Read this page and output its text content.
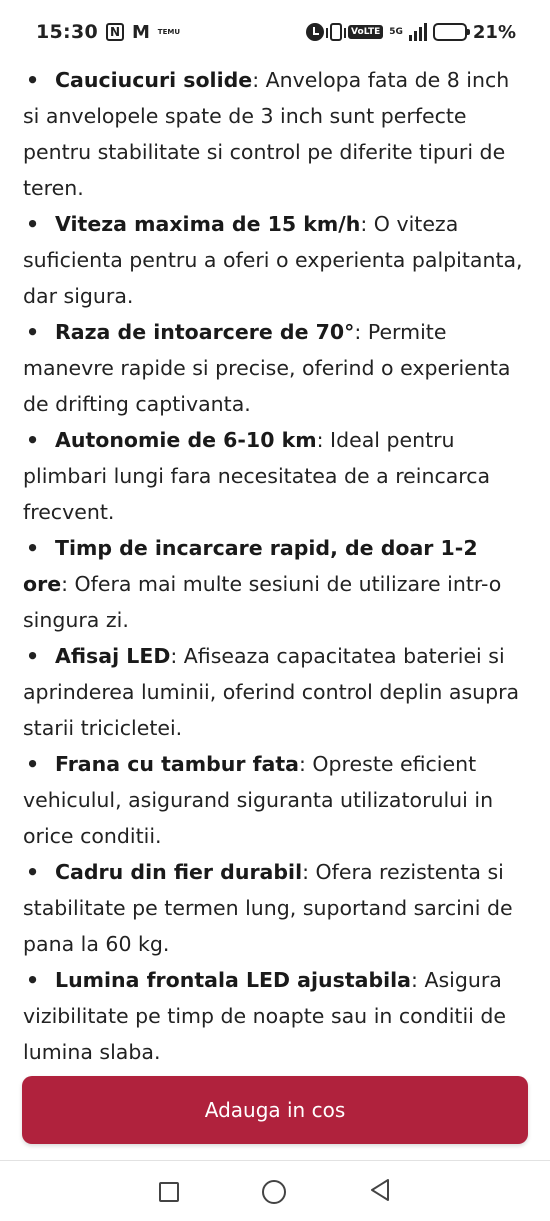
15:30 N M TEMU	VoLTE	5G	21%
• Cauciucuri solide: Anvelopa fata de 8 inch si anvelopele spate de 3 inch sunt perfecte pentru stabilitate si control pe diferite tipuri de teren.
• Viteza maxima de 15 km/h: O viteza suficienta pentru a oferi o experienta palpitanta, dar sigura.
• Raza de intoarcere de 70°: Permite manevre rapide si precise, oferind o experienta de drifting captivanta.
• Autonomie de 6-10 km: Ideal pentru plimbari lungi fara necesitatea de a reincarca frecvent.
• Timp de incarcare rapid, de doar 1-2 ore: Ofera mai multe sesiuni de utilizare intr-o singura zi.
• Afisaj LED: Afiseaza capacitatea bateriei si aprinderea luminii, oferind control deplin asupra starii tricicletei.
• Frana cu tambur fata: Opreste eficient vehiculul, asigurand siguranta utilizatorului in orice conditii.
• Cadru din fier durabil: Ofera rezistenta si stabilitate pe termen lung, suportand sarcini de pana la 60 kg.
• Lumina frontala LED ajustabila: Asigura vizibilitate pe timp de noapte sau in conditii de lumina slaba.
Adauga in cos
